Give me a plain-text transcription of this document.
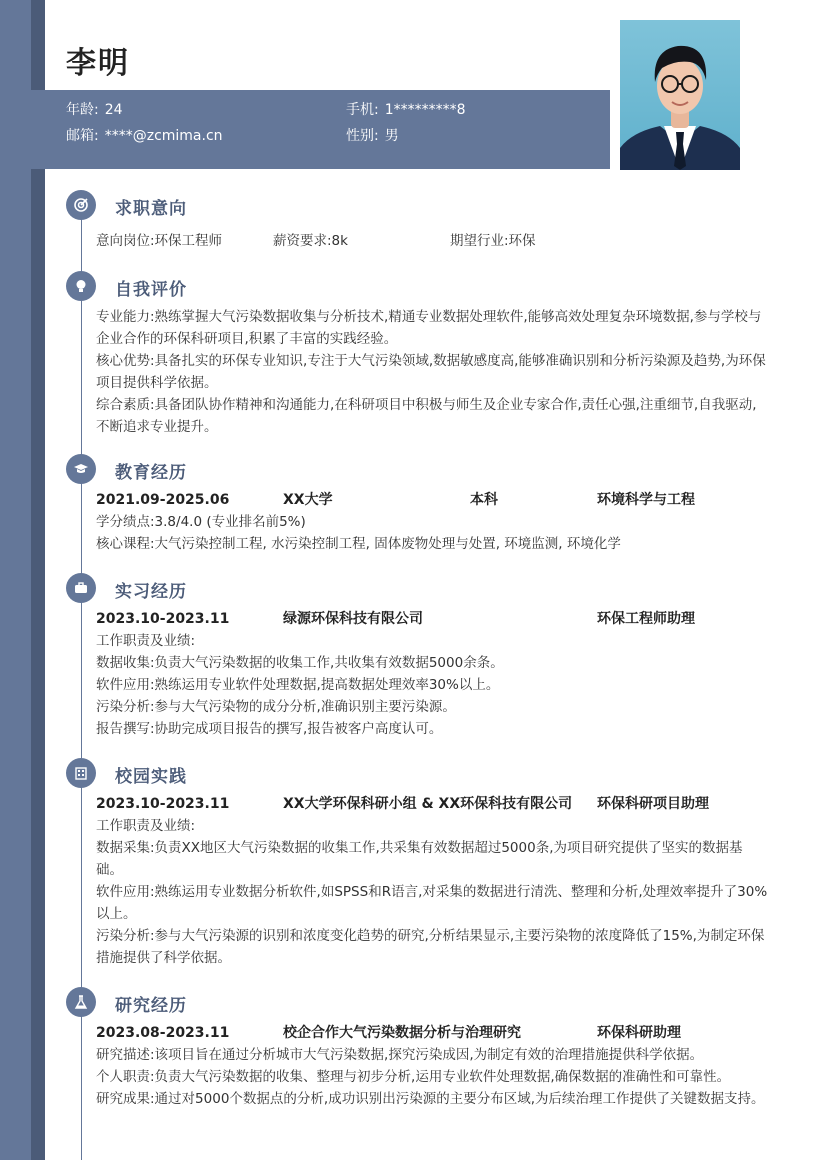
李明
年龄: 24	手机: 1*********8
邮箱: ****@zcmima.cn	性别: 男
求职意向
意向岗位:环保工程师	薪资要求:8k	期望行业:环保
自我评价

专业能力:熟练掌握大气污染数据收集与分析技术,精通专业数据处理软件,能够高效处理复杂环境数据,参与学校与企业合作的环保科研项目,积累了丰富的实践经验。

核心优势:具备扎实的环保专业知识,专注于大气污染领域,数据敏感度高,能够准确识别和分析污染源及趋势,为环保项目提供科学依据。

综合素质:具备团队协作精神和沟通能力,在科研项目中积极与师生及企业专家合作,责任心强,注重细节,自我驱动,不断追求专业提升。

教育经历
2021.09-2025.06	XX大学	本科	环境科学与工程

学分绩点:3.8/4.0 (专业排名前5%)

核心课程:大气污染控制工程, 水污染控制工程, 固体废物处理与处置, 环境监测, 环境化学

实习经历
2023.10-2023.11	绿源环保科技有限公司	环保工程师助理

工作职责及业绩:

数据收集:负责大气污染数据的收集工作,共收集有效数据5000余条。

软件应用:熟练运用专业软件处理数据,提高数据处理效率30%以上。

污染分析:参与大气污染物的成分分析,准确识别主要污染源。

报告撰写:协助完成项目报告的撰写,报告被客户高度认可。

校园实践
2023.10-2023.11	XX大学环保科研小组 & XX环保科技有限公司 环保科研项目助理

工作职责及业绩:

数据采集:负责XX地区大气污染数据的收集工作,共采集有效数据超过5000条,为项目研究提供了坚实的数据基础。

软件应用:熟练运用专业数据分析软件,如SPSS和R语言,对采集的数据进行清洗、整理和分析,处理效率提升了30%以上。

污染分析:参与大气污染源的识别和浓度变化趋势的研究,分析结果显示,主要污染物的浓度降低了15%,为制定环保措施提供了科学依据。

研究经历
2023.08-2023.11	校企合作大气污染数据分析与治理研究	环保科研助理

研究描述:该项目旨在通过分析城市大气污染数据,探究污染成因,为制定有效的治理措施提供科学依据。

个人职责:负责大气污染数据的收集、整理与初步分析,运用专业软件处理数据,确保数据的准确性和可靠性。

研究成果:通过对5000个数据点的分析,成功识别出污染源的主要分布区域,为后续治理工作提供了关键数据支持。
